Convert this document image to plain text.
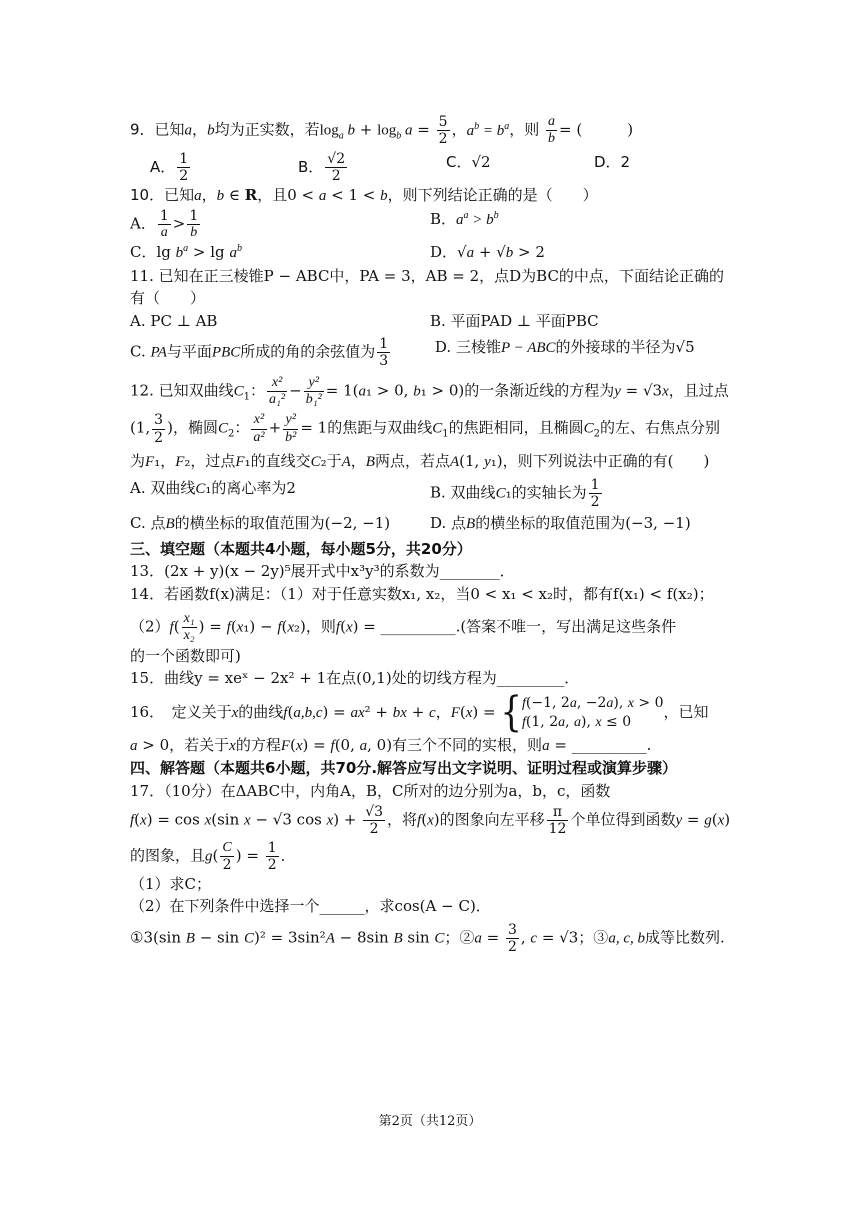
9．已知a，b均为正实数，若$\log_a b + \log_b a = \frac{5}{2}$ ，$a^b = b^a$，则 $\frac{a}{b}$ = (　　　)
A． $\frac{1}{2}$	B． $\frac{√2}{2}$	C．√2	D．2
10．已知a，b ∈ R，且0 < a < 1 < b，则下列结论正确的是（　　）
A． $\frac{1}{a} > \frac{1}{b}$	B．$a^a > b^b$
C．$\lg b^a > \lg a^b$	D．√a + √b > 2
11. 已知在正三棱锥P − ABC中，PA = 3，AB = 2，点D为BC的中点，下面结论正确的
有（　　）
A. PC ⊥ AB	B. 平面PAD ⊥ 平面PBC
C. PA与平面PBC所成的角的余弦值为 $\frac{1}{3}$	D. 三棱锥P − ABC的外接球的半径为√5
12. 已知双曲线$C_1$： $\frac{\text{x²}}{\text{a₁²}} - \frac{\text{y²}}{\text{b₁²}} = 1(a_1 > 0$, b₁ > 0)的一条渐近线的方程为y = √3x，且过点
(1, $\frac{3}{2}$ )，椭圆$C_2$： $\frac{\text{x²}}{\text{a²}} + \frac{\text{y²}}{\text{b²}} = 1$的焦距与双曲线$C_1$的焦距相同，且椭圆$C_2$的左、右焦点分别
为F₁，F₂，过点F₁的直线交C₂于A，B两点，若点A(1, y₁)，则下列说法中正确的有(　　)
A. 双曲线C₁的离心率为2	B. 双曲线C₁的实轴长为 $\frac{1}{2}$
C. 点B的横坐标的取值范围为(−2, −1)	D. 点B的横坐标的取值范围为(−3, −1)
三、填空题（本题共4小题，每小题5分，共20分）
13．(2x + y)(x − 2y)⁵展开式中x³y³的系数为________．
14．若函数f(x)满足：（1）对于任意实数x₁, x₂，当0 < x₁ < x₂时，都有f(x₁) < f(x₂)；
$(2)f( \frac{\text{x₁}}{\text{x₂}}$ ) = f(x₁) − f(x₂)，则f(x) = __________.(答案不唯一，写出满足这些条件
的一个函数即可)
15．曲线y = xeˣ − 2x² + 1在点(0,1)处的切线方程为_________．
16．　定义关于x的曲线f(a,b,c) = ax² + bx + c，F(x) = { f(−1, 2a, −2a), x > 0
f(1, 2a, a), x ≤ 0
，已知
a > 0，若关于x的方程F(x) = f(0, a, 0)有三个不同的实根，则a = __________.
四、解答题（本题共6小题，共70分.解答应写出文字说明、证明过程或演算步骤）
17．（10分）在ΔABC中，内角A，B，C所对的边分别为a，b，c，函数
f(x) = cos x(sin x − √3 $\cos x) + \frac{√3}{2}$ ，将f(x)的图象向左平移 $\frac{\pi}{12}$ 个单位得到函数y = g(x)
的图象，且$g( \frac{C}{2}$ ) = $\frac{1}{2}$ ．
（1）求C；
（2）在下列条件中选择一个______，求cos(A − C)．
①3(sin B − sin C)² = 3sin²A − 8sin B sin C；②a = $\frac{3}{2}$ , c = √3；③a, c, b成等比数列.
第2页（共12页）
